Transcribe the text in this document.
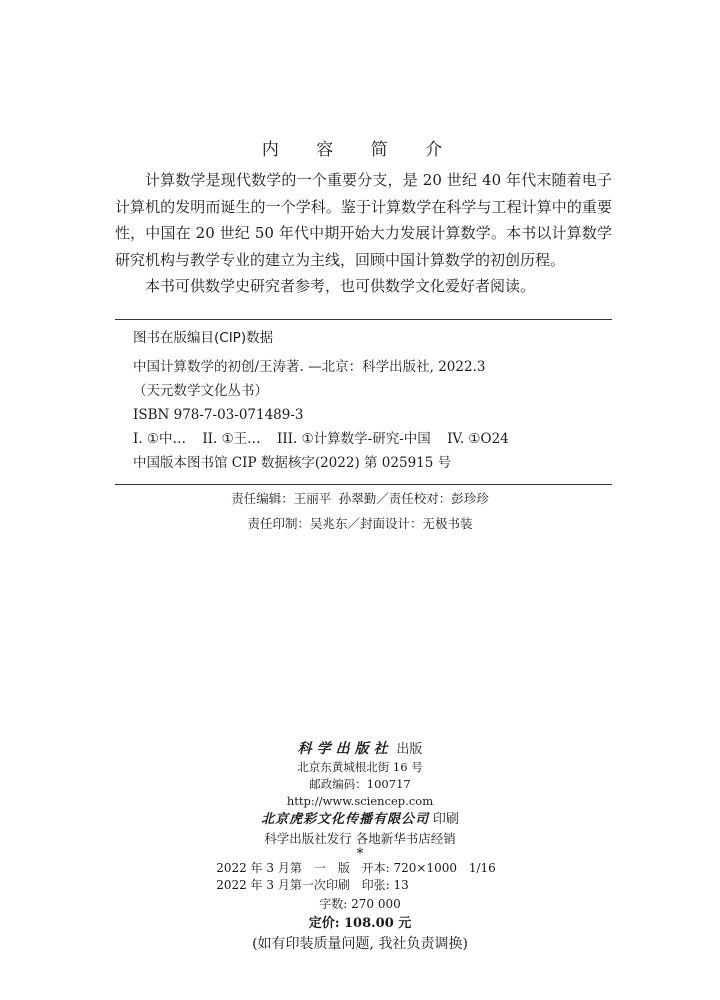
内 容 简 介

计算数学是现代数学的一个重要分支，是 20 世纪 40 年代末随着电子计算机的发明而诞生的一个学科。鉴于计算数学在科学与工程计算中的重要性，中国在 20 世纪 50 年代中期开始大力发展计算数学。本书以计算数学研究机构与教学专业的建立为主线，回顾中国计算数学的初创历程。

本书可供数学史研究者参考，也可供数学文化爱好者阅读。

图书在版编目(CIP)数据
中国计算数学的初创/王涛著. —北京：科学出版社, 2022.3
（天元数学文化丛书）
ISBN 978-7-03-071489-3
I. ①中… II. ①王… III. ①计算数学-研究-中国 IV. ①O24
中国版本图书馆 CIP 数据核字(2022) 第 025915 号
责任编辑：王丽平 孙翠勤／责任校对：彭珍珍
责任印制：吴兆东／封面设计：无极书装
科学出版社 出版
北京东黄城根北街 16 号
邮政编码：100717
http://www.sciencep.com
北京虎彩文化传播有限公司 印刷
科学出版社发行 各地新华书店经销
*
2022 年 3 月第　一　版 开本: 720×1000 1/16
2022 年 3 月第一次印刷 印张: 13
字数: 270 000
定价: 108.00 元
(如有印装质量问题, 我社负责调换)
